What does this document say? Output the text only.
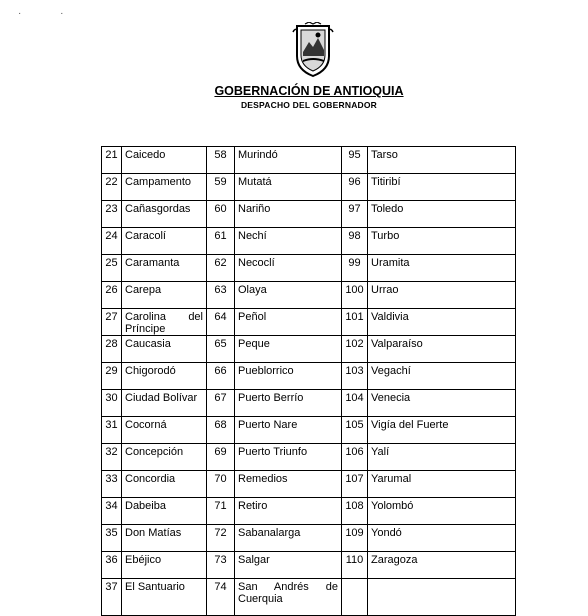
· ·
GOBERNACIÓN DE ANTIOQUIA
DESPACHO DEL GOBERNADOR
21	Caicedo	58	Murindó	95	Tarso
22	Campamento	59	Mutatá	96	Titiribí
23	Cañasgordas	60	Nariño	97	Toledo
24	Caracolí	61	Nechí	98	Turbo
25	Caramanta	62	Necoclí	99	Uramita
26	Carepa	63	Olaya	100	Urrao
27	Carolina del Príncipe	64	Peñol	101	Valdivia
28	Caucasia	65	Peque	102	Valparaíso
29	Chigorodó	66	Pueblorrico	103	Vegachí
30	Ciudad Bolívar	67	Puerto Berrío	104	Venecia
31	Cocorná	68	Puerto Nare	105	Vigía del Fuerte
32	Concepción	69	Puerto Triunfo	106	Yalí
33	Concordia	70	Remedios	107	Yarumal
34	Dabeiba	71	Retiro	108	Yolombó
35	Don Matías	72	Sabanalarga	109	Yondó
36	Ebéjico	73	Salgar	110	Zaragoza
37	El Santuario	74	San Andrés de Cuerquia		
